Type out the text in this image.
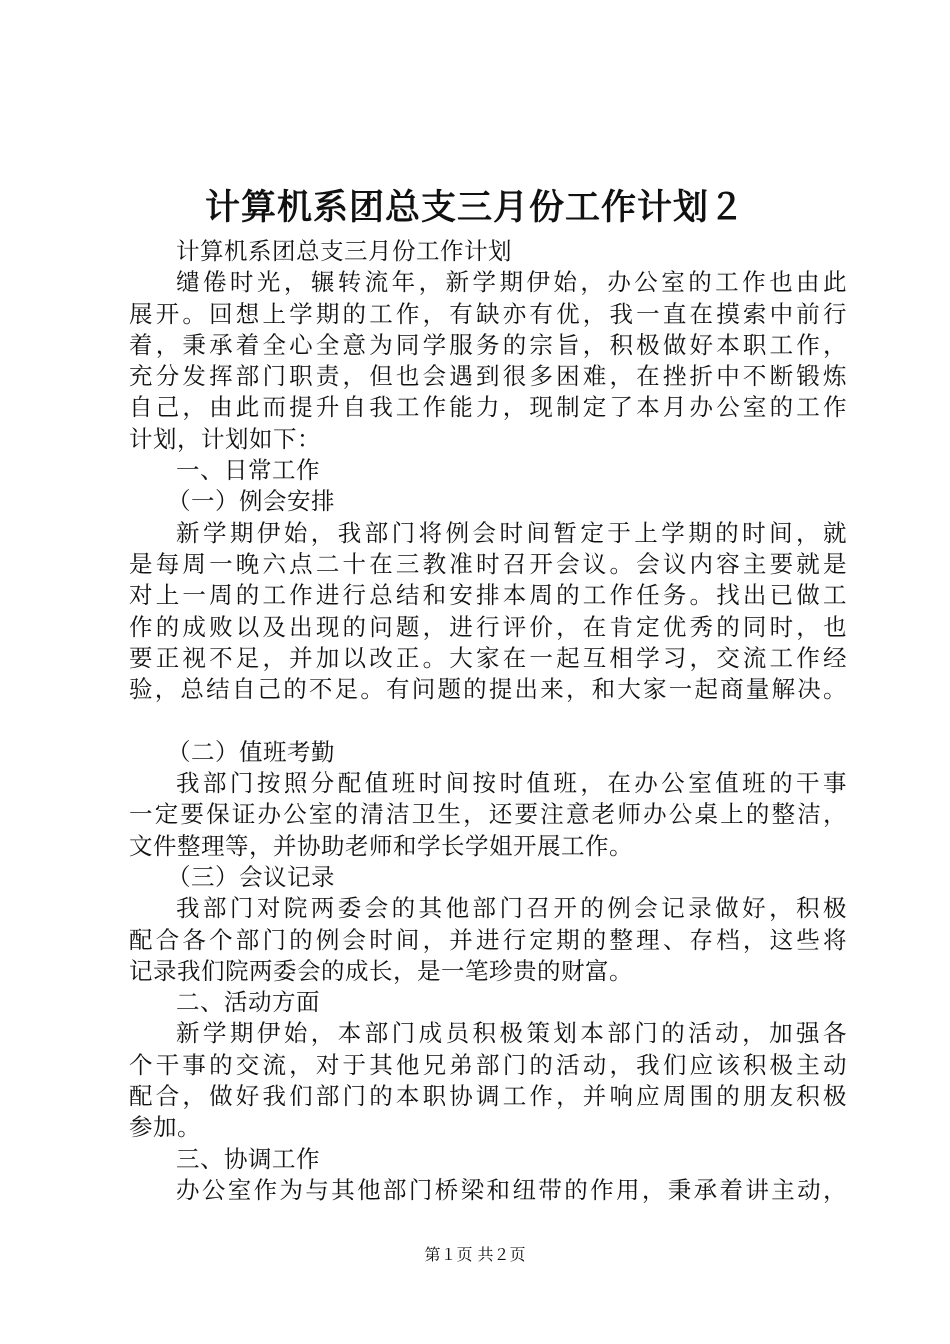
计算机系团总支三月份工作计划２
计算机系团总支三月份工作计划
缱倦时光，辗转流年，新学期伊始，办公室的工作也由此
展开。回想上学期的工作，有缺亦有优，我一直在摸索中前行
着，秉承着全心全意为同学服务的宗旨，积极做好本职工作，
充分发挥部门职责，但也会遇到很多困难，在挫折中不断锻炼
自己，由此而提升自我工作能力，现制定了本月办公室的工作
计划，计划如下：
一、日常工作
（一）例会安排
新学期伊始，我部门将例会时间暂定于上学期的时间，就
是每周一晚六点二十在三教准时召开会议。会议内容主要就是
对上一周的工作进行总结和安排本周的工作任务。找出已做工
作的成败以及出现的问题，进行评价，在肯定优秀的同时，也
要正视不足，并加以改正。大家在一起互相学习，交流工作经
验，总结自己的不足。有问题的提出来，和大家一起商量解决。
（二）值班考勤
我部门按照分配值班时间按时值班，在办公室值班的干事
一定要保证办公室的清洁卫生，还要注意老师办公桌上的整洁，
文件整理等，并协助老师和学长学姐开展工作。
（三）会议记录
我部门对院两委会的其他部门召开的例会记录做好，积极
配合各个部门的例会时间，并进行定期的整理、存档，这些将
记录我们院两委会的成长，是一笔珍贵的财富。
二、活动方面
新学期伊始，本部门成员积极策划本部门的活动，加强各
个干事的交流，对于其他兄弟部门的活动，我们应该积极主动
配合，做好我们部门的本职协调工作，并响应周围的朋友积极
参加。
三、协调工作
办公室作为与其他部门桥梁和纽带的作用，秉承着讲主动，
第１页 共２页
